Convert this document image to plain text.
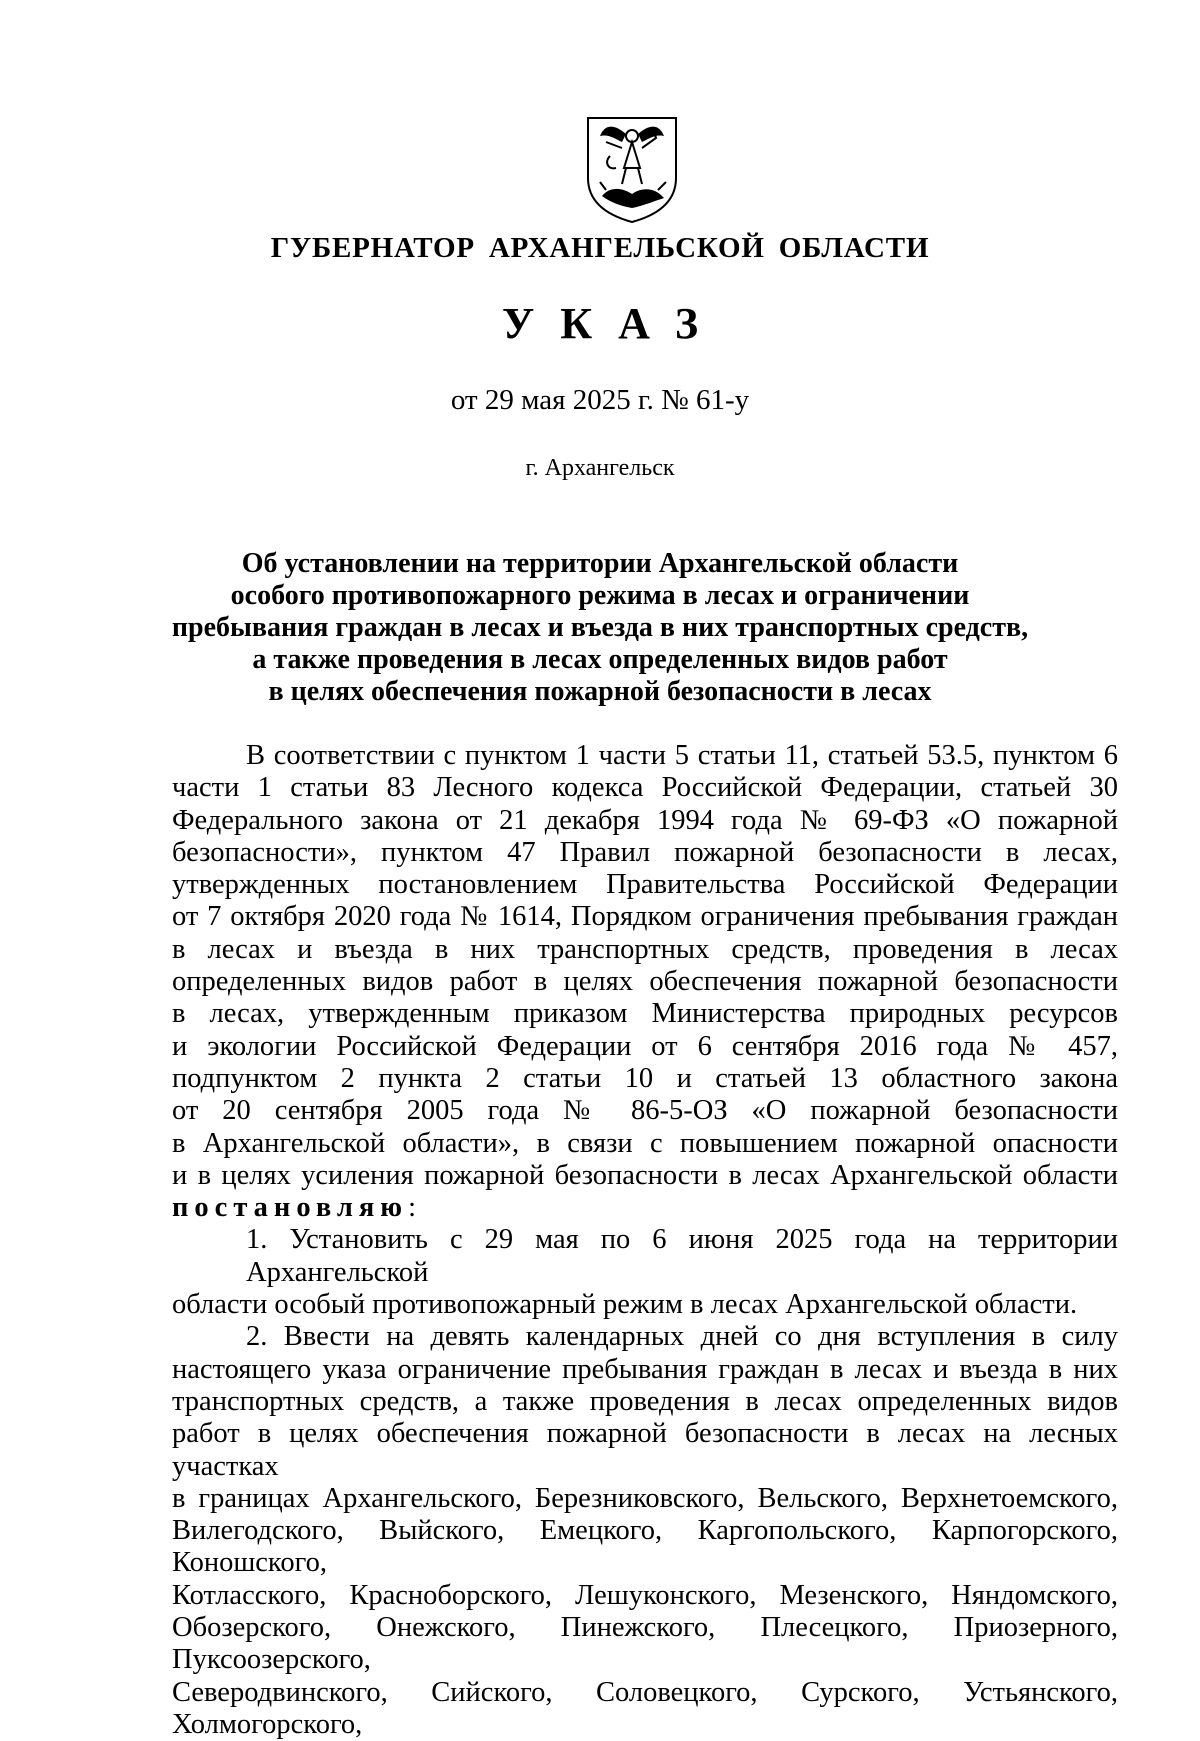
ГУБЕРНАТОР АРХАНГЕЛЬСКОЙ ОБЛАСТИ
УКАЗ
от 29 мая 2025 г. № 61-у
г. Архангельск
Об установлении на территории Архангельской области
особого противопожарного режима в лесах и ограничении
пребывания граждан в лесах и въезда в них транспортных средств,
а также проведения в лесах определенных видов работ
в целях обеспечения пожарной безопасности в лесах
В соответствии с пунктом 1 части 5 статьи 11, статьей 53.5, пунктом 6
части 1 статьи 83 Лесного кодекса Российской Федерации, статьей 30
Федерального закона от 21 декабря 1994 года № 69-ФЗ «О пожарной
безопасности», пунктом 47 Правил пожарной безопасности в лесах,
утвержденных постановлением Правительства Российской Федерации
от 7 октября 2020 года № 1614, Порядком ограничения пребывания граждан
в лесах и въезда в них транспортных средств, проведения в лесах
определенных видов работ в целях обеспечения пожарной безопасности
в лесах, утвержденным приказом Министерства природных ресурсов
и экологии Российской Федерации от 6 сентября 2016 года № 457,
подпунктом 2 пункта 2 статьи 10 и статьей 13 областного закона
от 20 сентября 2005 года № 86-5-ОЗ «О пожарной безопасности
в Архангельской области», в связи с повышением пожарной опасности
и в целях усиления пожарной безопасности в лесах Архангельской области
постановляю:
1. Установить с 29 мая по 6 июня 2025 года на территории Архангельской
области особый противопожарный режим в лесах Архангельской области.
2. Ввести на девять календарных дней со дня вступления в силу
настоящего указа ограничение пребывания граждан в лесах и въезда в них
транспортных средств, а также проведения в лесах определенных видов
работ в целях обеспечения пожарной безопасности в лесах на лесных участках
в границах Архангельского, Березниковского, Вельского, Верхнетоемского,
Вилегодского, Выйского, Емецкого, Каргопольского, Карпогорского, Коношского,
Котласского, Красноборского, Лешуконского, Мезенского, Няндомского,
Обозерского, Онежского, Пинежского, Плесецкого, Приозерного, Пуксоозерского,
Северодвинского, Сийского, Соловецкого, Сурского, Устьянского, Холмогорского,
